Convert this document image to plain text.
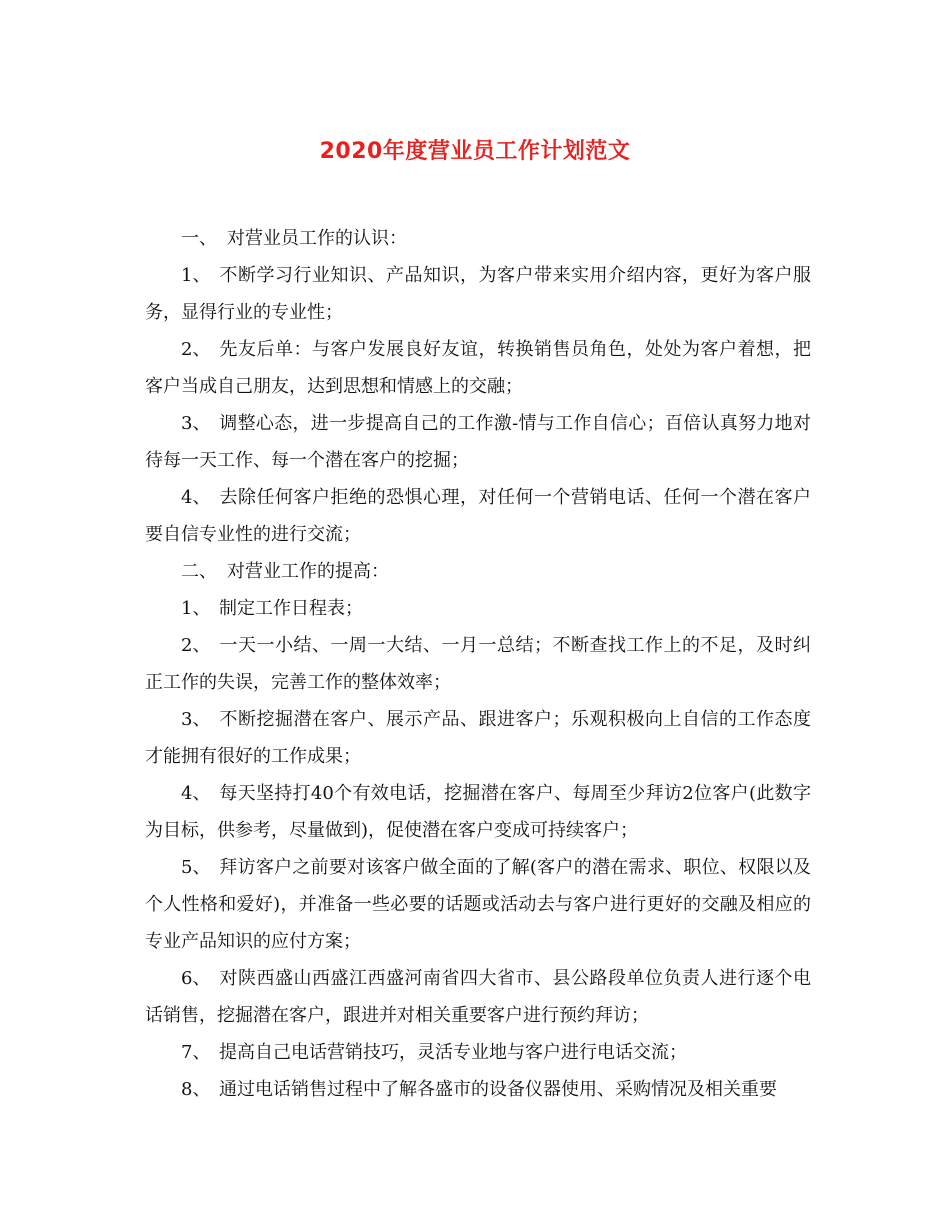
2020年度营业员工作计划范文

一、 对营业员工作的认识：

1、 不断学习行业知识、产品知识，为客户带来实用介绍内容，更好为客户服务，显得行业的专业性；

2、 先友后单：与客户发展良好友谊，转换销售员角色，处处为客户着想，把客户当成自己朋友，达到思想和情感上的交融；

3、 调整心态，进一步提高自己的工作激-情与工作自信心；百倍认真努力地对待每一天工作、每一个潜在客户的挖掘；

4、 去除任何客户拒绝的恐惧心理，对任何一个营销电话、任何一个潜在客户要自信专业性的进行交流；

二、 对营业工作的提高：

1、 制定工作日程表；

2、 一天一小结、一周一大结、一月一总结；不断查找工作上的不足，及时纠正工作的失误，完善工作的整体效率；

3、 不断挖掘潜在客户、展示产品、跟进客户；乐观积极向上自信的工作态度才能拥有很好的工作成果；

4、 每天坚持打40个有效电话，挖掘潜在客户、每周至少拜访2位客户(此数字为目标，供参考，尽量做到)，促使潜在客户变成可持续客户；

5、 拜访客户之前要对该客户做全面的了解(客户的潜在需求、职位、权限以及个人性格和爱好)，并准备一些必要的话题或活动去与客户进行更好的交融及相应的专业产品知识的应付方案；

6、 对陕西盛山西盛江西盛河南省四大省市、县公路段单位负责人进行逐个电话销售，挖掘潜在客户，跟进并对相关重要客户进行预约拜访；

7、 提高自己电话营销技巧，灵活专业地与客户进行电话交流；

8、 通过电话销售过程中了解各盛市的设备仪器使用、采购情况及相关重要
